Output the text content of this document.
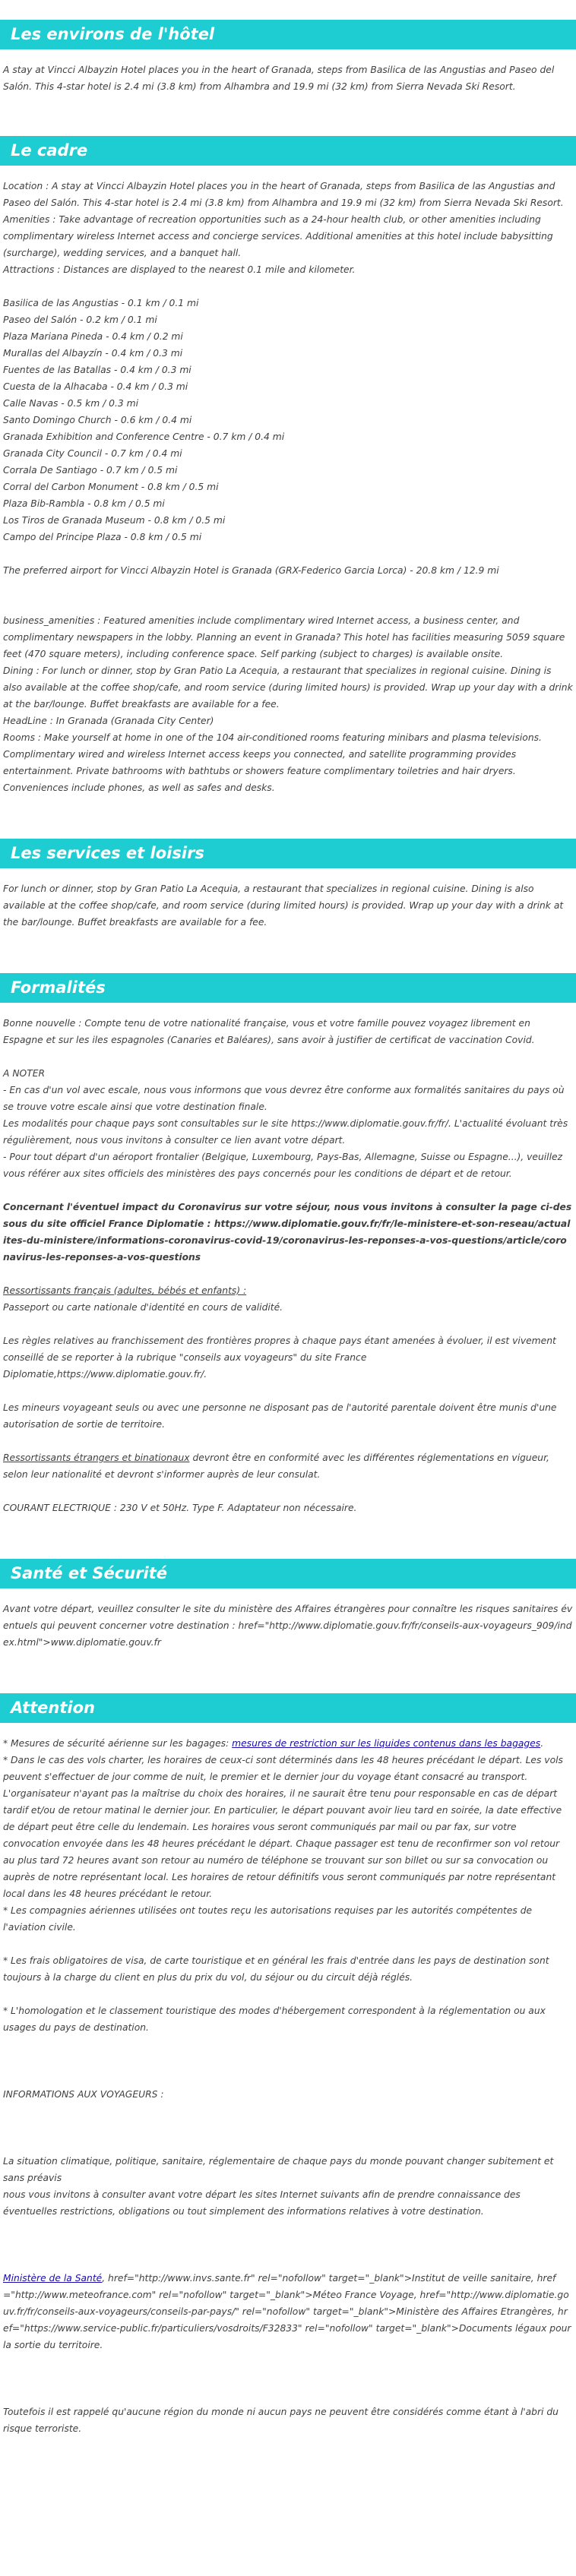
Les environs de l'hôtel

A stay at Vincci Albayzin Hotel places you in the heart of Granada, steps from Basilica de las Angustias and Paseo del Salón. This 4-star hotel is 2.4 mi (3.8 km) from Alhambra and 19.9 mi (32 km) from Sierra Nevada Ski Resort.

Le cadre

Location : A stay at Vincci Albayzin Hotel places you in the heart of Granada, steps from Basilica de las Angustias and Paseo del Salón. This 4-star hotel is 2.4 mi (3.8 km) from Alhambra and 19.9 mi (32 km) from Sierra Nevada Ski Resort.

Amenities : Take advantage of recreation opportunities such as a 24-hour health club, or other amenities including complimentary wireless Internet access and concierge services. Additional amenities at this hotel include babysitting (surcharge), wedding services, and a banquet hall.

Attractions : Distances are displayed to the nearest 0.1 mile and kilometer.

Basilica de las Angustias - 0.1 km / 0.1 mi

Paseo del Salón - 0.2 km / 0.1 mi

Plaza Mariana Pineda - 0.4 km / 0.2 mi

Murallas del Albayzín - 0.4 km / 0.3 mi

Fuentes de las Batallas - 0.4 km / 0.3 mi

Cuesta de la Alhacaba - 0.4 km / 0.3 mi

Calle Navas - 0.5 km / 0.3 mi

Santo Domingo Church - 0.6 km / 0.4 mi

Granada Exhibition and Conference Centre - 0.7 km / 0.4 mi

Granada City Council - 0.7 km / 0.4 mi

Corrala De Santiago - 0.7 km / 0.5 mi

Corral del Carbon Monument - 0.8 km / 0.5 mi

Plaza Bib-Rambla - 0.8 km / 0.5 mi

Los Tiros de Granada Museum - 0.8 km / 0.5 mi

Campo del Principe Plaza - 0.8 km / 0.5 mi

The preferred airport for Vincci Albayzin Hotel is Granada (GRX-Federico Garcia Lorca) - 20.8 km / 12.9 mi

business_amenities : Featured amenities include complimentary wired Internet access, a business center, and complimentary newspapers in the lobby. Planning an event in Granada? This hotel has facilities measuring 5059 square feet (470 square meters), including conference space. Self parking (subject to charges) is available onsite.

Dining : For lunch or dinner, stop by Gran Patio La Acequia, a restaurant that specializes in regional cuisine. Dining is also available at the coffee shop/cafe, and room service (during limited hours) is provided. Wrap up your day with a drink at the bar/lounge. Buffet breakfasts are available for a fee.

HeadLine : In Granada (Granada City Center)

Rooms : Make yourself at home in one of the 104 air-conditioned rooms featuring minibars and plasma televisions. Complimentary wired and wireless Internet access keeps you connected, and satellite programming provides entertainment. Private bathrooms with bathtubs or showers feature complimentary toiletries and hair dryers. Conveniences include phones, as well as safes and desks.

Les services et loisirs

For lunch or dinner, stop by Gran Patio La Acequia, a restaurant that specializes in regional cuisine. Dining is also available at the coffee shop/cafe, and room service (during limited hours) is provided. Wrap up your day with a drink at the bar/lounge. Buffet breakfasts are available for a fee.

Formalités

Bonne nouvelle : Compte tenu de votre nationalité française, vous et votre famille pouvez voyagez librement en Espagne et sur les iles espagnoles (Canaries et Baléares), sans avoir à justifier de certificat de vaccination Covid.

A NOTER

- En cas d'un vol avec escale, nous vous informons que vous devrez être conforme aux formalités sanitaires du pays où se trouve votre escale ainsi que votre destination finale.

Les modalités pour chaque pays sont consultables sur le site https://www.diplomatie.gouv.fr/fr/. L'actualité évoluant très régulièrement, nous vous invitons à consulter ce lien avant votre départ.

- Pour tout départ d'un aéroport frontalier (Belgique, Luxembourg, Pays-Bas, Allemagne, Suisse ou Espagne...), veuillez vous référer aux sites officiels des ministères des pays concernés pour les conditions de départ et de retour.

Concernant l'éventuel impact du Coronavirus sur votre séjour, nous vous invitons à consulter la page ci-dessous du site officiel France Diplomatie : https://www.diplomatie.gouv.fr/fr/le-ministere-et-son-reseau/actualites-du-ministere/informations-coronavirus-covid-19/coronavirus-les-reponses-a-vos-questions/article/coronavirus-les-reponses-a-vos-questions

Ressortissants français (adultes, bébés et enfants) :

Passeport ou carte nationale d'identité en cours de validité.

Les règles relatives au franchissement des frontières propres à chaque pays étant amenées à évoluer, il est vivement conseillé de se reporter à la rubrique "conseils aux voyageurs" du site France Diplomatie,https://www.diplomatie.gouv.fr/.

Les mineurs voyageant seuls ou avec une personne ne disposant pas de l'autorité parentale doivent être munis d'une autorisation de sortie de territoire.

Ressortissants étrangers et binationaux devront être en conformité avec les différentes réglementations en vigueur, selon leur nationalité et devront s'informer auprès de leur consulat.

COURANT ELECTRIQUE : 230 V et 50Hz. Type F. Adaptateur non nécessaire.

Santé et Sécurité

Avant votre départ, veuillez consulter le site du ministère des Affaires étrangères pour connaître les risques sanitaires éventuels qui peuvent concerner votre destination : href="http://www.diplomatie.gouv.fr/fr/conseils-aux-voyageurs_909/index.html">www.diplomatie.gouv.fr

Attention

* Mesures de sécurité aérienne sur les bagages: mesures de restriction sur les liquides contenus dans les bagages.

* Dans le cas des vols charter, les horaires de ceux-ci sont déterminés dans les 48 heures précédant le départ. Les vols peuvent s'effectuer de jour comme de nuit, le premier et le dernier jour du voyage étant consacré au transport. L'organisateur n'ayant pas la maîtrise du choix des horaires, il ne saurait être tenu pour responsable en cas de départ tardif et/ou de retour matinal le dernier jour. En particulier, le départ pouvant avoir lieu tard en soirée, la date effective de départ peut être celle du lendemain. Les horaires vous seront communiqués par mail ou par fax, sur votre convocation envoyée dans les 48 heures précédant le départ. Chaque passager est tenu de reconfirmer son vol retour au plus tard 72 heures avant son retour au numéro de téléphone se trouvant sur son billet ou sur sa convocation ou auprès de notre représentant local. Les horaires de retour définitifs vous seront communiqués par notre représentant local dans les 48 heures précédant le retour.

* Les compagnies aériennes utilisées ont toutes reçu les autorisations requises par les autorités compétentes de l'aviation civile.

* Les frais obligatoires de visa, de carte touristique et en général les frais d'entrée dans les pays de destination sont toujours à la charge du client en plus du prix du vol, du séjour ou du circuit déjà réglés.

* L'homologation et le classement touristique des modes d'hébergement correspondent à la réglementation ou aux usages du pays de destination.

INFORMATIONS AUX VOYAGEURS :

La situation climatique, politique, sanitaire, réglementaire de chaque pays du monde pouvant changer subitement et sans préavis

nous vous invitons à consulter avant votre départ les sites Internet suivants afin de prendre connaissance des éventuelles restrictions, obligations ou tout simplement des informations relatives à votre destination.

Ministère de la Santé, href="http://www.invs.sante.fr" rel="nofollow" target="_blank">Institut de veille sanitaire, href="http://www.meteofrance.com" rel="nofollow" target="_blank">Méteo France Voyage, href="http://www.diplomatie.gouv.fr/fr/conseils-aux-voyageurs/conseils-par-pays/" rel="nofollow" target="_blank">Ministère des Affaires Etrangères, href="https://www.service-public.fr/particuliers/vosdroits/F32833" rel="nofollow" target="_blank">Documents légaux pour la sortie du territoire.

Toutefois il est rappelé qu'aucune région du monde ni aucun pays ne peuvent être considérés comme étant à l'abri du risque terroriste.
